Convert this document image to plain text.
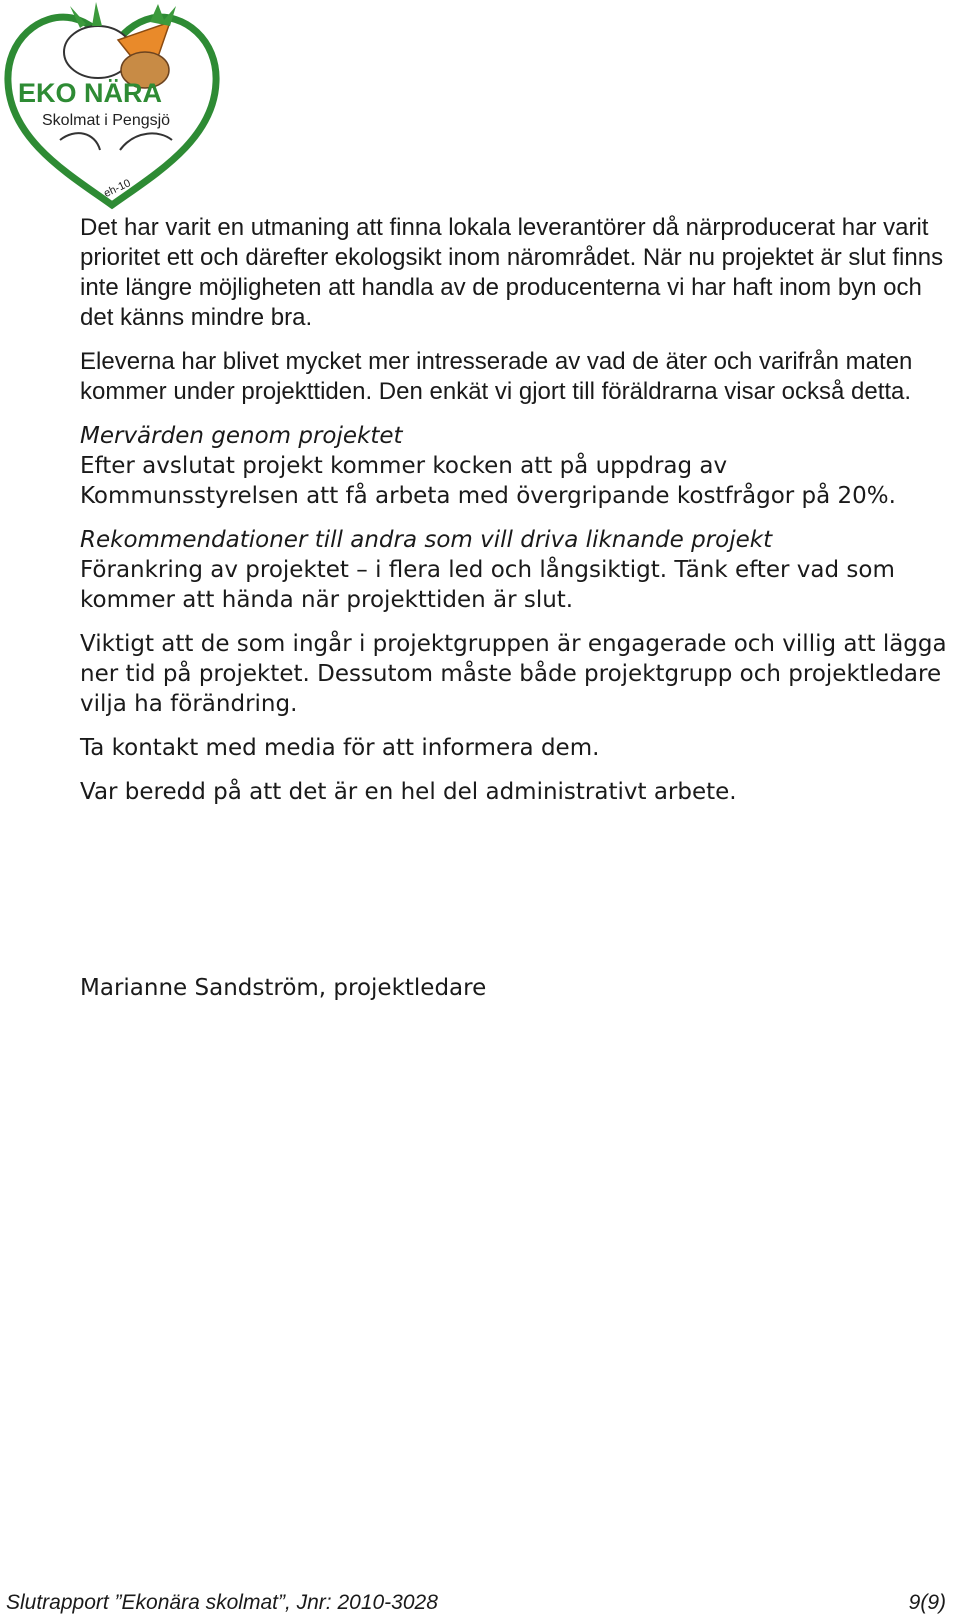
EKO NÄRA
Skolmat i Pengsjö
eh-10

Det har varit en utmaning att finna lokala leverantörer då närproducerat har varit prioritet ett och därefter ekologsikt inom närområdet. När nu projektet är slut finns inte längre möjligheten att handla av de producenterna vi har haft inom byn och det känns mindre bra.

Eleverna har blivet mycket mer intresserade av vad de äter och varifrån maten kommer under projekttiden. Den enkät vi gjort till föräldrarna visar också detta.

Mervärden genom projektet

Efter avslutat projekt kommer kocken att på uppdrag av Kommunsstyrelsen att få arbeta med övergripande kostfrågor på 20%.

Rekommendationer till andra som vill driva liknande projekt

Förankring av projektet – i flera led och långsiktigt. Tänk efter vad som kommer att hända när projekttiden är slut.

Viktigt att de som ingår i projektgruppen är engagerade och villig att lägga ner tid på projektet. Dessutom måste både projektgrupp och projektledare vilja ha förändring.

Ta kontakt med media för att informera dem.

Var beredd på att det är en hel del administrativt arbete.

Marianne Sandström, projektledare
Slutrapport ”Ekonära skolmat”, Jnr: 2010-3028	9(9)
